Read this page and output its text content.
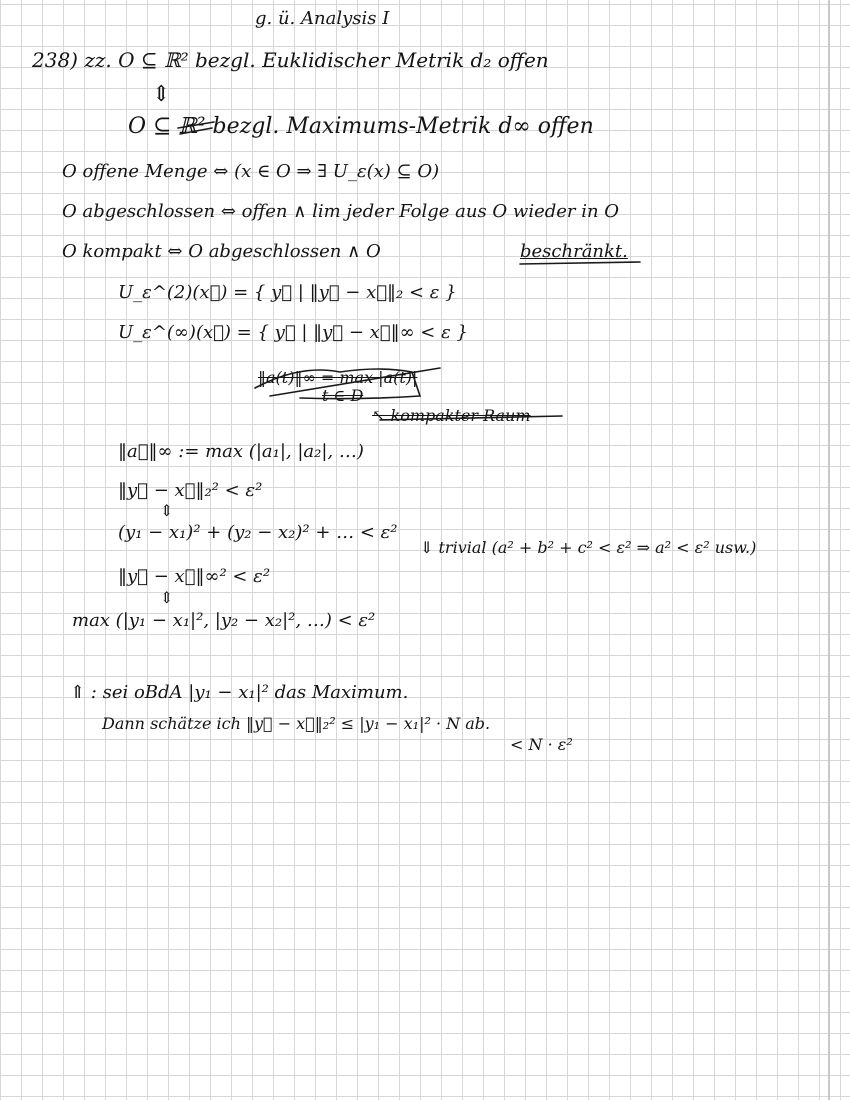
g. ü. Analysis I
238) zz. O ⊆ ℝ² bezgl. Euklidischer Metrik d₂ offen
⇕
O ⊆ ℝ² bezgl. Maximums-Metrik d∞ offen
O offene Menge ⇔ (x ∈ O ⇒ ∃ U_ε(x) ⊆ O)
O abgeschlossen ⇔ offen ∧ lim jeder Folge aus O wieder in O
O kompakt ⇔ O abgeschlossen ∧ O	beschränkt.
U_ε^(2)(x⃗) = { y⃗ | ‖y⃗ − x⃗‖₂ < ε }
U_ε^(∞)(x⃗) = { y⃗ | ‖y⃗ − x⃗‖∞ < ε }
‖a(t)‖∞ = max |a(t)|
t ∈ D
↖ kompakter Raum
‖a⃗‖∞ := max (|a₁|, |a₂|, …)
‖y⃗ − x⃗‖₂² < ε²
⇕
(y₁ − x₁)² + (y₂ − x₂)² + … < ε²
⇓ trivial (a² + b² + c² < ε² ⇒ a² < ε² usw.)
‖y⃗ − x⃗‖∞² < ε²
⇕
max (|y₁ − x₁|², |y₂ − x₂|², …) < ε²
⇑ : sei oBdA |y₁ − x₁|² das Maximum.
Dann schätze ich ‖y⃗ − x⃗‖₂² ≤ |y₁ − x₁|² · N ab.
< N · ε²
